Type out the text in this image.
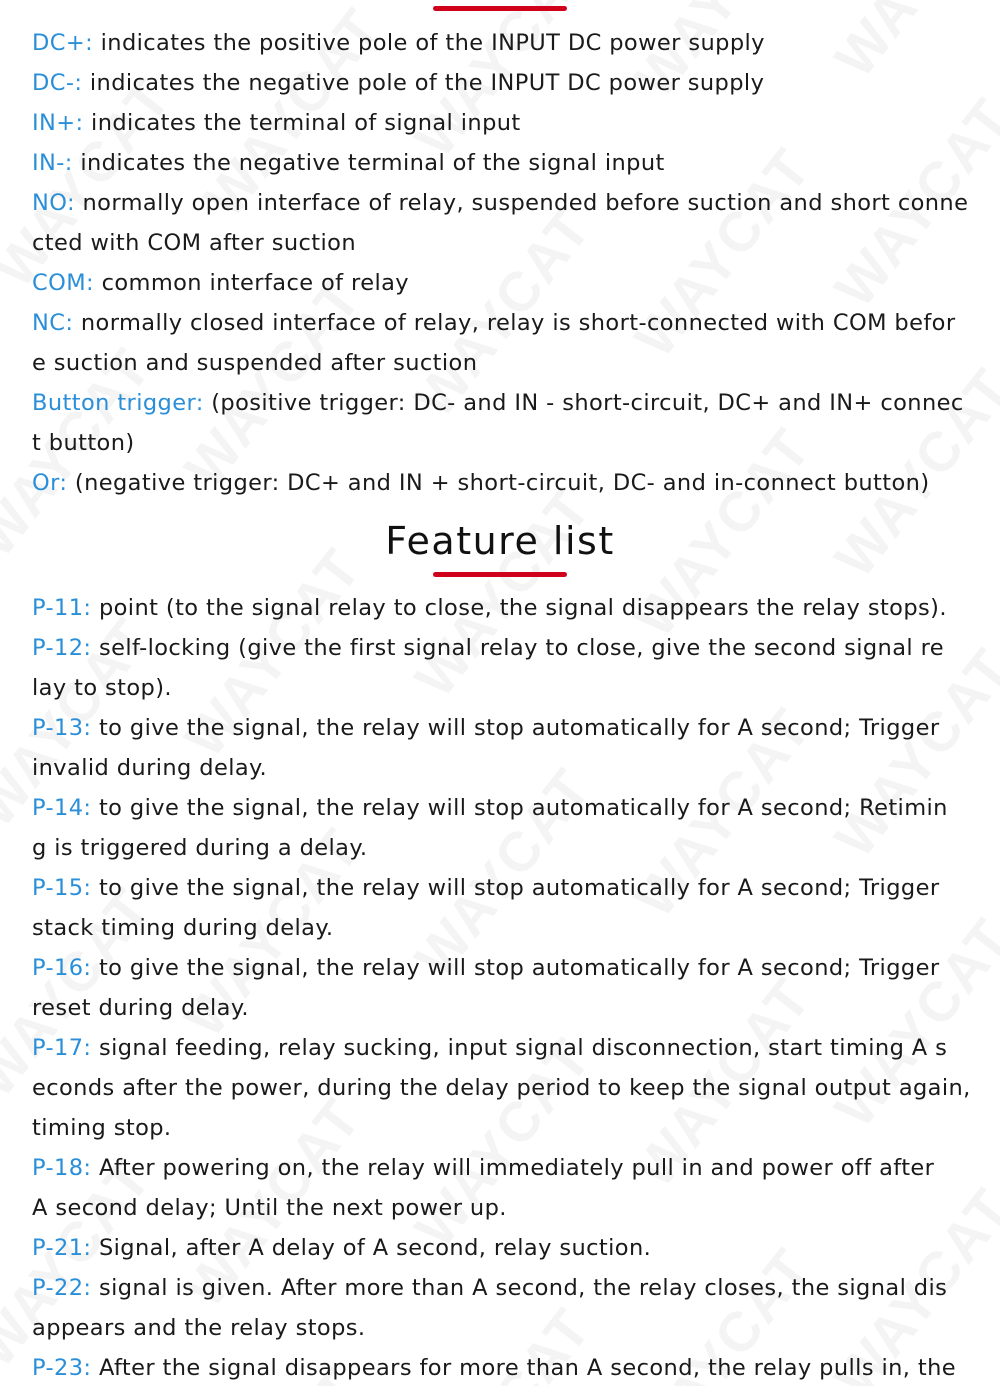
DC+: indicates the positive pole of the INPUT DC power supply
DC-: indicates the negative pole of the INPUT DC power supply
IN+: indicates the terminal of signal input
IN-: indicates the negative terminal of the signal input
NO: normally open interface of relay, suspended before suction and short conne
cted with COM after suction
COM: common interface of relay
NC: normally closed interface of relay, relay is short-connected with COM befor
e suction and suspended after suction
Button trigger: (positive trigger: DC- and IN - short-circuit, DC+ and IN+ connec
t button)
Or: (negative trigger: DC+ and IN + short-circuit, DC- and in-connect button)
Feature list
P-11: point (to the signal relay to close, the signal disappears the relay stops).
P-12: self-locking (give the first signal relay to close, give the second signal re
lay to stop).
P-13: to give the signal, the relay will stop automatically for A second; Trigger
invalid during delay.
P-14: to give the signal, the relay will stop automatically for A second; Retimin
g is triggered during a delay.
P-15: to give the signal, the relay will stop automatically for A second; Trigger
stack timing during delay.
P-16: to give the signal, the relay will stop automatically for A second; Trigger
reset during delay.
P-17: signal feeding, relay sucking, input signal disconnection, start timing A s
econds after the power, during the delay period to keep the signal output again,
timing stop.
P-18: After powering on, the relay will immediately pull in and power off after
A second delay; Until the next power up.
P-21: Signal, after A delay of A second, relay suction.
P-22: signal is given. After more than A second, the relay closes, the signal dis
appears and the relay stops.
P-23: After the signal disappears for more than A second, the relay pulls in, the
